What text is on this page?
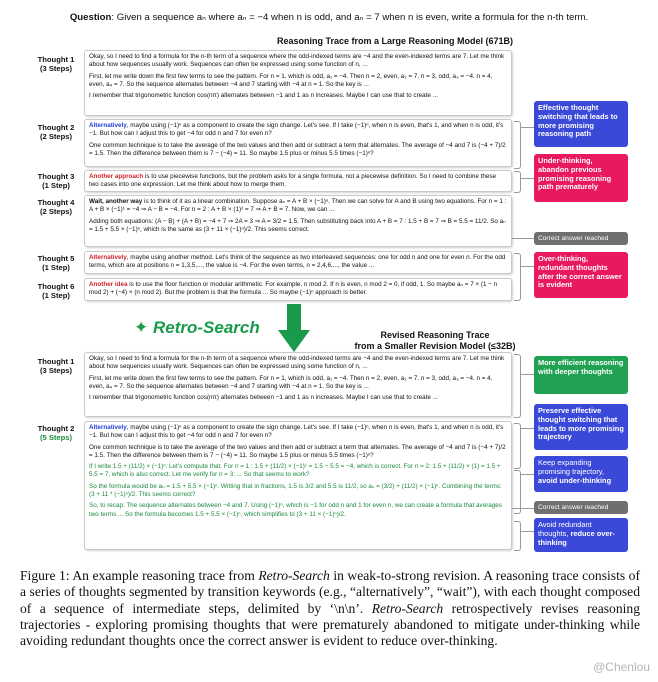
Question: Given a sequence aₙ where aₙ = −4 when n is odd, and aₙ = 7 when n is even, write a formula for the n-th term.
Reasoning Trace from a Large Reasoning Model (671B)
Thought 1
(3 Steps)
Thought 2
(2 Steps)
Thought 3
(1 Step)
Thought 4
(2 Steps)
Thought 5
(1 Step)
Thought 6
(1 Step)

Okay, so I need to find a formula for the n-th term of a sequence where the odd-indexed terms are −4 and the even-indexed terms are 7. Let me think about how sequences usually work. Sequences can often be expressed using some function of n, ...

First, let me write down the first few terms to see the pattern. For n = 1, which is odd, a₁ = −4. Then n = 2, even, a₂ = 7. n = 3, odd, a₃ = −4. n = 4, even, a₄ = 7. So the sequence alternates between −4 and 7 starting with −4 at n = 1. So the key is ...

I remember that trigonometric function cos(nπ) alternates between −1 and 1 as n increases. Maybe I can use that to create ...

Alternatively, maybe using (−1)ⁿ as a component to create the sign change. Let's see. If I take (−1)ⁿ, when n is even, that's 1, and when n is odd, it's −1. But how can I adjust this to get −4 for odd n and 7 for even n?

One common technique is to take the average of the two values and then add or subtract a term that alternates. The average of −4 and 7 is (−4 + 7)/2 = 1.5. Then the difference between them is 7 − (−4) = 11. So maybe 1.5 plus or minus 5.5 times (−1)ⁿ?

Another approach is to use piecewise functions, but the problem asks for a single formula, not a piecewise definition. So I need to combine these two cases into one expression. Let me think about how to merge them.

Wait, another way is to think of it as a linear combination. Suppose aₙ = A + B × (−1)ⁿ. Then we can solve for A and B using two equations. For n = 1 : A + B × (−1)¹ = −4 ⇒ A − B = −4. For n = 2 : A + B × (1)² = 7 ⇒ A + B = 7. Now, we can ...

Adding both equations: (A − B) + (A + B) = −4 + 7 ⇒ 2A = 3 ⇒ A = 3/2 = 1.5. Then substituting back into A + B = 7 : 1.5 + B = 7 ⇒ B = 5.5 = 11/2. So aₙ = 1.5 + 5.5 × (−1)ⁿ, which is the same as (3 + 11 × (−1)ⁿ)/2. This seems correct.

Alternatively, maybe using another method. Let's think of the sequence as two interleaved sequences: one for odd n and one for even n. For the odd terms, which are at positions n = 1,3,5,..., the value is −4. For the even terms, n = 2,4,6,..., the value ...

Another idea is to use the floor function or modular arithmetic. For example, n mod 2. If n is even, n mod 2 = 0, if odd, 1. So maybe aₙ = 7 × (1 − n mod 2) + (−4) × (n mod 2). But the problem is that the formula ... So maybe (−1)ⁿ approach is better.

Effective thought switching that leads to more promising reasoning path
Under-thinking, abandon previous promising reasoning path prematurely
Correct answer reached
Over-thinking, redundant thoughts after the correct answer is evident
✦ Retro-Search	Revised Reasoning Trace
from a Smaller Revision Model (≤32B)
Thought 1
(3 Steps)
Thought 2
(5 Steps)

Okay, so I need to find a formula for the n-th term of a sequence where the odd-indexed terms are −4 and the even-indexed terms are 7. Let me think about how sequences usually work. Sequences can often be expressed using some function of n, ...

First, let me write down the first few terms to see the pattern. For n = 1, which is odd, a₁ = −4. Then n = 2, even, a₂ = 7. n = 3, odd, a₃ = −4. n = 4, even, a₄ = 7. So the sequence alternates between −4 and 7 starting with −4 at n = 1. So the key is ...

I remember that trigonometric function cos(nπ) alternates between −1 and 1 as n increases. Maybe I can use that to create ...

Alternatively, maybe using (−1)ⁿ as a component to create the sign change. Let's see. If I take (−1)ⁿ, when n is even, that's 1, and when n is odd, it's −1. But how can I adjust this to get −4 for odd n and 7 for even n?

One common technique is to take the average of the two values and then add or subtract a term that alternates. The average of −4 and 7 is (−4 + 7)/2 = 1.5. Then the difference between them is 7 − (−4) = 11. So maybe 1.5 plus or minus 5.5 times (−1)ⁿ?

If I write 1.5 + (11/2) × (−1)ⁿ. Let's compute that. For n = 1 : 1.5 + (11/2) × (−1)¹ = 1.5 − 5.5 = −4, which is correct. For n = 2: 1.5 + (11/2) × (1) = 1.5 + 5.5 = 7, which is also correct. Let me verify for n = 3: ... So that seems to work?

So the formula would be aₙ = 1.5 + 5.5 × (−1)ⁿ. Writing that in fractions, 1.5 is 3/2 and 5.5 is 11/2, so aₙ = (3/2) + (11/2) × (−1)ⁿ. Combining the terms: (3 + 11 * (−1)ⁿ)/2. This seems correct?

So, to recap: The sequence alternates between −4 and 7. Using (−1)ⁿ, which is −1 for odd n and 1 for even n, we can create a formula that averages two terms ... So the formula becomes 1.5 + 5.5 × (−1)ⁿ, which simplifies to (3 + 11 × (−1)ⁿ)/2.

More efficient reasoning with deeper thoughts
Preserve effective thought switching that leads to more promising trajectory
Keep expanding promising trajectory, avoid under-thinking
Correct answer reached
Avoid redundant thoughts, reduce over-thinking
Figure 1: An example reasoning trace from Retro-Search in weak-to-strong revision. A reasoning trace consists of a series of thoughts segmented by transition keywords (e.g., “alternatively”, “wait”), with each thought composed of a sequence of intermediate steps, delimited by ‘\n\n’. Retro-Search retrospectively revises reasoning trajectories - exploring promising thoughts that were prematurely abandoned to mitigate under-thinking while avoiding redundant thoughts once the correct answer is evident to reduce over-thinking.
@Chenlou
